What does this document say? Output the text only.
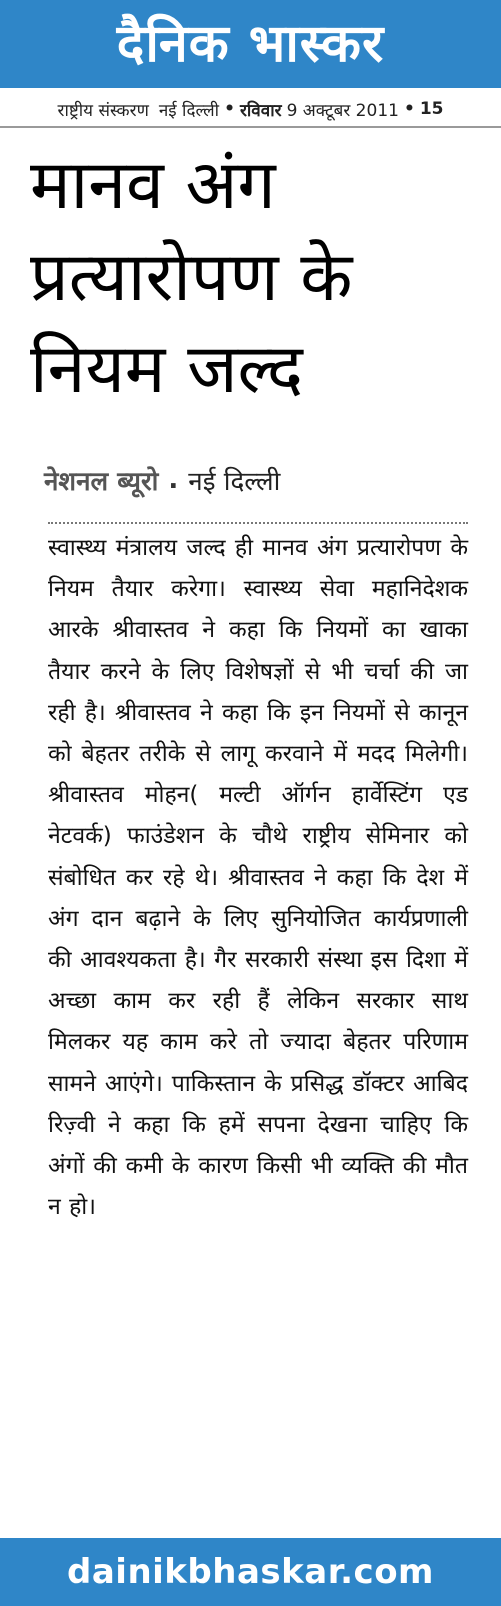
दैनिक भास्कर
राष्ट्रीय संस्करण नई दिल्ली • रविवार 9 अक्टूबर 2011 • 15
मानव अंग प्रत्यारोपण के नियम जल्द
नेशनल ब्यूरो . नई दिल्ली
स्वास्थ्य मंत्रालय जल्द ही मानव अंग प्रत्यारोपण के नियम तैयार करेगा। स्वास्थ्य सेवा महानिदेशक आरके श्रीवास्तव ने कहा कि नियमों का खाका तैयार करने के लिए विशेषज्ञों से भी चर्चा की जा रही है। श्रीवास्तव ने कहा कि इन नियमों से कानून को बेहतर तरीके से लागू करवाने में मदद मिलेगी। श्रीवास्तव मोहन( मल्टी ऑर्गन हार्वेस्टिंग एड नेटवर्क) फाउंडेशन के चौथे राष्ट्रीय सेमिनार को संबोधित कर रहे थे। श्रीवास्तव ने कहा कि देश में अंग दान बढ़ाने के लिए सुनियोजित कार्यप्रणाली की आवश्यकता है। गैर सरकारी संस्था इस दिशा में अच्छा काम कर रही हैं लेकिन सरकार साथ मिलकर यह काम करे तो ज्यादा बेहतर परिणाम सामने आएंगे। पाकिस्तान के प्रसिद्ध डॉक्टर आबिद रिज़्वी ने कहा कि हमें सपना देखना चाहिए कि अंगों की कमी के कारण किसी भी व्यक्ति की मौत न हो।
dainikbhaskar.com
